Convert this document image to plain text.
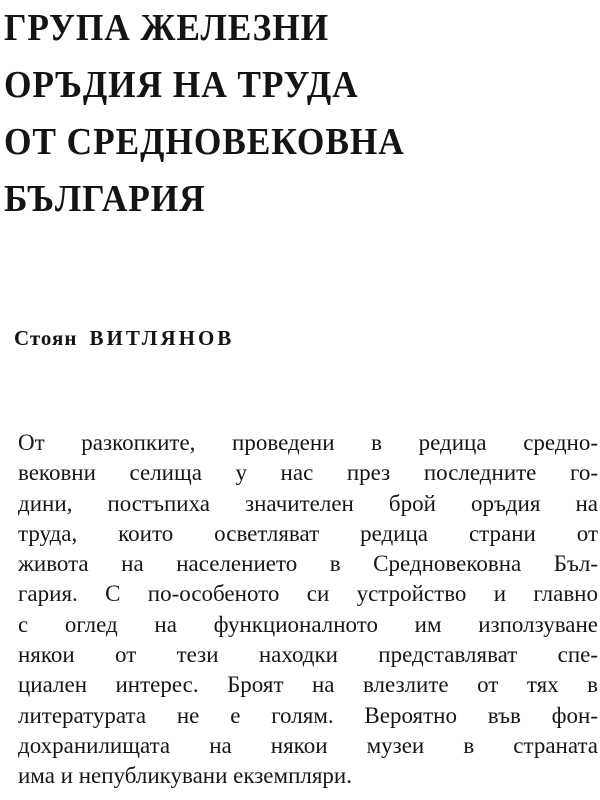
ГРУПА ЖЕЛЕЗНИ
ОРЪДИЯ НА ТРУДА
ОТ СРЕДНОВЕКОВНА
БЪЛГАРИЯ

Стоян ВИТЛЯНОВ

От разкопките, проведени в редица средно-
вековни селища у нас през последните го-
дини, постъпиха значителен брой оръдия на
труда, които осветляват редица страни от
живота на населението в Средновековна Бъл-
гария. С по-особеното си устройство и главно
с оглед на функционалното им използуване
някои от тези находки представляват спе-
циален интерес. Броят на влезлите от тях в
литературата не е голям. Вероятно във фон-
дохранилищата на някои музеи в страната
има и непубликувани екземпляри.
